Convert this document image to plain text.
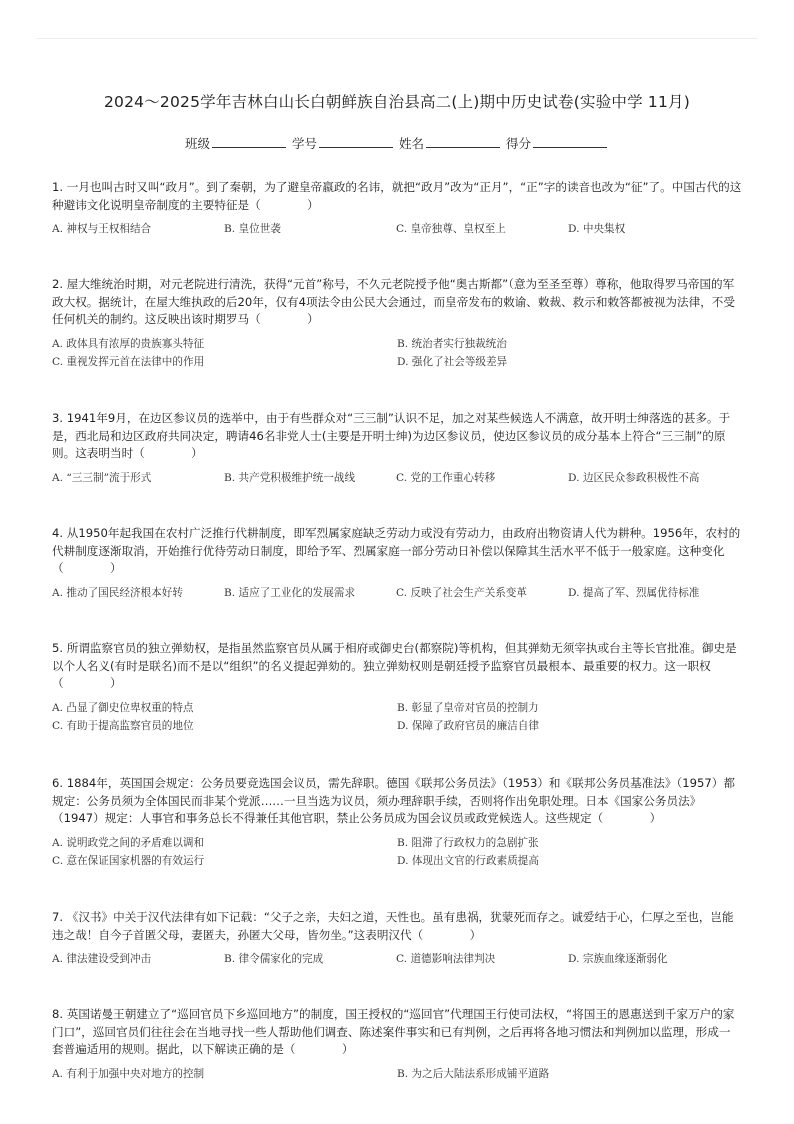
2024～2025学年吉林白山长白朝鲜族自治县高二(上)期中历史试卷(实验中学 11月)
班级	学号	姓名	得分
1. 一月也叫古时又叫“政月”。到了秦朝，为了避皇帝嬴政的名讳，就把“政月”改为“正月”，“正”字的读音也改为“征”了。中国古代的这种避讳文化说明皇帝制度的主要特征是（　　　　）
A. 神权与王权相结合	B. 皇位世袭	C. 皇帝独尊、皇权至上	D. 中央集权
2. 屋大维统治时期，对元老院进行清洗，获得“元首”称号，不久元老院授予他“奥古斯都”（意为至圣至尊）尊称，他取得罗马帝国的军政大权。据统计，在屋大维执政的后20年，仅有4项法令由公民大会通过，而皇帝发布的敕谕、敕裁、救示和敕答都被视为法律，不受任何机关的制约。这反映出该时期罗马（　　　　）
A. 政体具有浓厚的贵族寡头特征	B. 统治者实行独裁统治
C. 重视发挥元首在法律中的作用	D. 强化了社会等级差异
3. 1941年9月，在边区参议员的选举中，由于有些群众对“三三制”认识不足，加之对某些候选人不满意，故开明士绅落选的甚多。于是，西北局和边区政府共同决定，聘请46名非党人士(主要是开明士绅)为边区参议员，使边区参议员的成分基本上符合“三三制”的原则。这表明当时（　　　　）
A. “三三制”流于形式	B. 共产党积极维护统一战线	C. 党的工作重心转移	D. 边区民众参政积极性不高
4. 从1950年起我国在农村广泛推行代耕制度，即军烈属家庭缺乏劳动力或没有劳动力，由政府出物资请人代为耕种。1956年，农村的代耕制度逐渐取消，开始推行优待劳动日制度，即给予军、烈属家庭一部分劳动日补偿以保障其生活水平不低于一般家庭。这种变化（　　　　）
A. 推动了国民经济根本好转	B. 适应了工业化的发展需求	C. 反映了社会生产关系变革	D. 提高了军、烈属优待标准
5. 所谓监察官员的独立弹劾权，是指虽然监察官员从属于相府或御史台(都察院)等机构，但其弹劾无须宰执或台主等长官批准。御史是以个人名义(有时是联名)而不是以“组织”的名义提起弹劾的。独立弹劾权则是朝廷授予监察官员最根本、最重要的权力。这一职权（　　　　）
A. 凸显了御史位卑权重的特点	B. 彰显了皇帝对官员的控制力
C. 有助于提高监察官员的地位	D. 保障了政府官员的廉洁自律
6. 1884年，英国国会规定：公务员要竞选国会议员，需先辞职。德国《联邦公务员法》（1953）和《联邦公务员基准法》（1957）都规定：公务员须为全体国民而非某个党派……一旦当选为议员，须办理辞职手续，否则将作出免职处理。日本《国家公务员法》（1947）规定：人事官和事务总长不得兼任其他官职，禁止公务员成为国会议员或政党候选人。这些规定（　　　　）
A. 说明政党之间的矛盾难以调和	B. 阻滞了行政权力的急剧扩张
C. 意在保证国家机器的有效运行	D. 体现出文官的行政素质提高
7. 《汉书》中关于汉代法律有如下记载：“父子之亲，夫妇之道，天性也。虽有患祸，犹蒙死而存之。诚爱结于心，仁厚之至也，岂能违之哉！自今子首匿父母，妻匿夫，孙匿大父母，皆勿坐。”这表明汉代（　　　　）
A. 律法建设受到冲击	B. 律令儒家化的完成	C. 道德影响法律判决	D. 宗族血缘逐渐弱化
8. 英国诺曼王朝建立了“巡回官员下乡巡回地方”的制度，国王授权的“巡回官”代理国王行使司法权，“将国王的恩惠送到千家万户的家门口”，巡回官员们往往会在当地寻找一些人帮助他们调查、陈述案件事实和已有判例，之后再将各地习惯法和判例加以监理，形成一套普遍适用的规则。据此，以下解读正确的是（　　　　）
A. 有利于加强中央对地方的控制	B. 为之后大陆法系形成铺平道路
